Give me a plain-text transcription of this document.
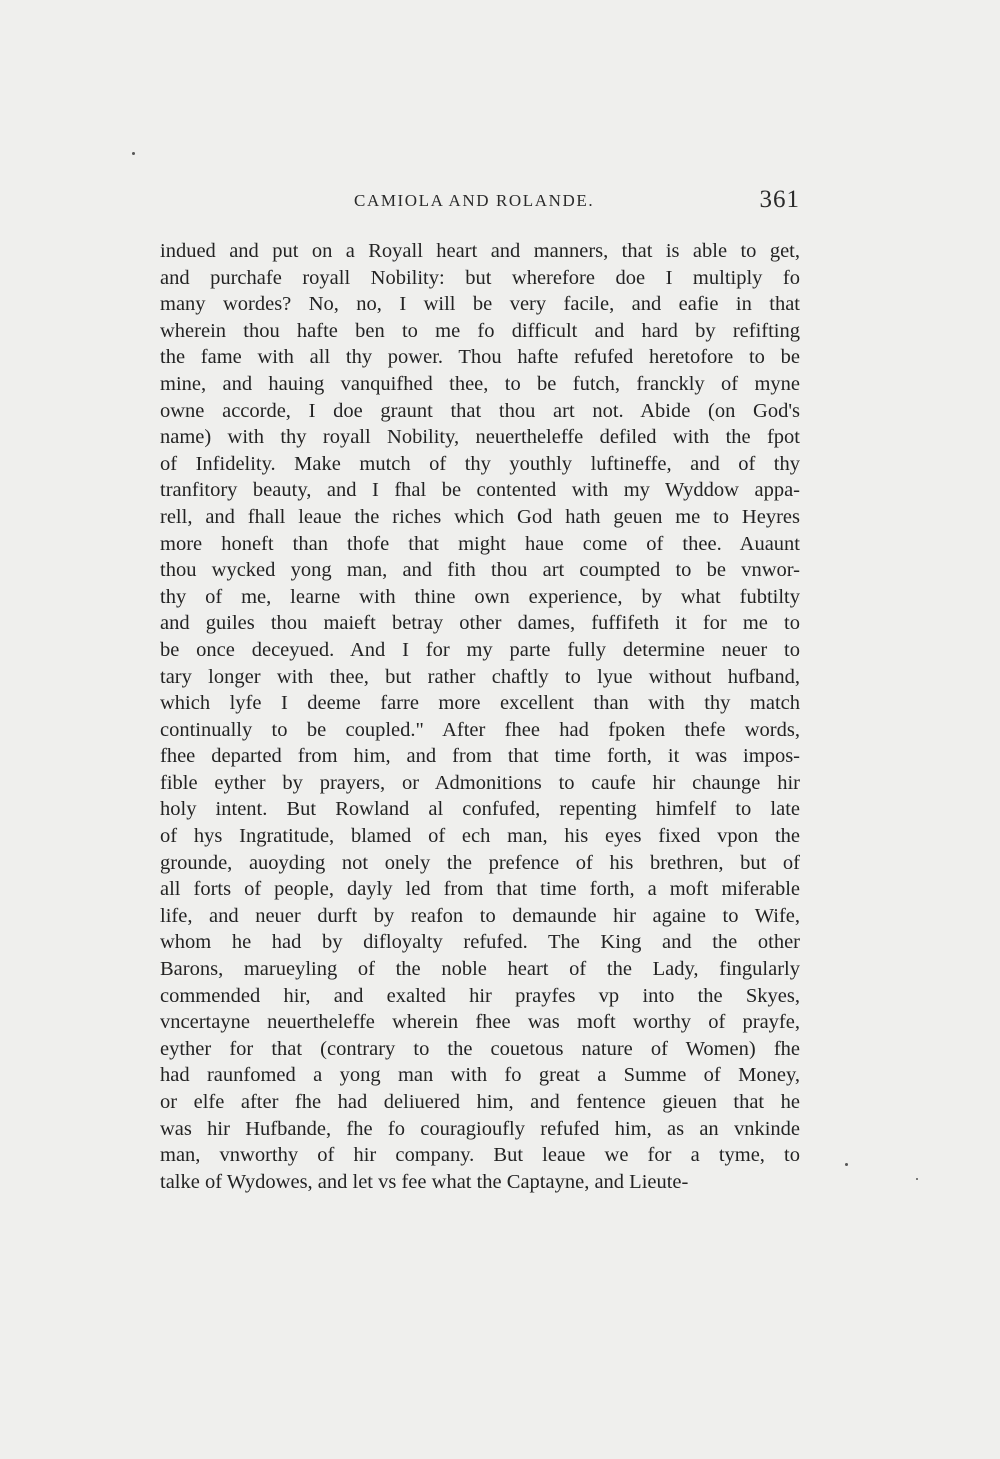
CAMIOLA AND ROLANDE.	361
indued and put on a Royall heart and manners, that is able to get,
and purchafe royall Nobility: but wherefore doe I multiply fo
many wordes? No, no, I will be very facile, and eafie in that
wherein thou hafte ben to me fo difficult and hard by refifting
the fame with all thy power. Thou hafte refufed heretofore to be
mine, and hauing vanquifhed thee, to be futch, franckly of myne
owne accorde, I doe graunt that thou art not. Abide (on God's
name) with thy royall Nobility, neuertheleffe defiled with the fpot
of Infidelity. Make mutch of thy youthly luftineffe, and of thy
tranfitory beauty, and I fhal be contented with my Wyddow appa-
rell, and fhall leaue the riches which God hath geuen me to Heyres
more honeft than thofe that might haue come of thee. Auaunt
thou wycked yong man, and fith thou art coumpted to be vnwor-
thy of me, learne with thine own experience, by what fubtilty
and guiles thou maieft betray other dames, fuffifeth it for me to
be once deceyued. And I for my parte fully determine neuer to
tary longer with thee, but rather chaftly to lyue without hufband,
which lyfe I deeme farre more excellent than with thy match
continually to be coupled." After fhee had fpoken thefe words,
fhee departed from him, and from that time forth, it was impos-
fible eyther by prayers, or Admonitions to caufe hir chaunge hir
holy intent. But Rowland al confufed, repenting himfelf to late
of hys Ingratitude, blamed of ech man, his eyes fixed vpon the
grounde, auoyding not onely the prefence of his brethren, but of
all forts of people, dayly led from that time forth, a moft miferable
life, and neuer durft by reafon to demaunde hir againe to Wife,
whom he had by difloyalty refufed. The King and the other
Barons, marueyling of the noble heart of the Lady, fingularly
commended hir, and exalted hir prayfes vp into the Skyes,
vncertayne neuertheleffe wherein fhee was moft worthy of prayfe,
eyther for that (contrary to the couetous nature of Women) fhe
had raunfomed a yong man with fo great a Summe of Money,
or elfe after fhe had deliuered him, and fentence gieuen that he
was hir Hufbande, fhe fo couragioufly refufed him, as an vnkinde
man, vnworthy of hir company. But leaue we for a tyme, to
talke of Wydowes, and let vs fee what the Captayne, and Lieute-
